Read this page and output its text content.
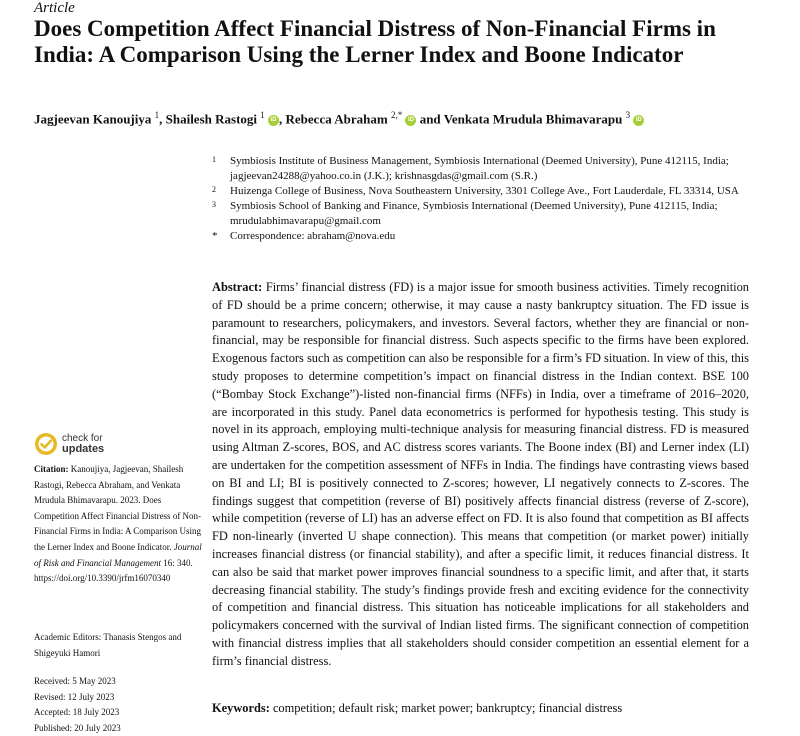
Article
Does Competition Affect Financial Distress of Non-Financial Firms in India: A Comparison Using the Lerner Index and Boone Indicator
Jagjeevan Kanoujiya $^1$, Shailesh Rastogi $^1$ iD , Rebecca Abraham $^{2,*}$ iD and Venkata Mrudula Bhimavarapu $^3$ iD
1 Symbiosis Institute of Business Management, Symbiosis International (Deemed University), Pune 412115, India; jagjeevan24288@yahoo.co.in (J.K.); krishnasgdas@gmail.com (S.R.)
2 Huizenga College of Business, Nova Southeastern University, 3301 College Ave., Fort Lauderdale, FL 33314, USA
3 Symbiosis School of Banking and Finance, Symbiosis International (Deemed University), Pune 412115, India; mrudulabhimavarapu@gmail.com
* Correspondence: abraham@nova.edu

Abstract: Firms’ financial distress (FD) is a major issue for smooth business activities. Timely recognition of FD should be a prime concern; otherwise, it may cause a nasty bankruptcy situation. The FD issue is paramount to researchers, policymakers, and investors. Several factors, whether they are financial or non-financial, may be responsible for financial distress. Such aspects specific to the firms have been explored. Exogenous factors such as competition can also be responsible for a firm’s FD situation. In view of this, this study proposes to determine competition’s impact on financial distress in the Indian context. BSE 100 (“Bombay Stock Exchange”)-listed non-financial firms (NFFs) in India, over a timeframe of 2016–2020, are incorporated in this study. Panel data econometrics is performed for hypothesis testing. This study is novel in its approach, employing multi-technique analysis for measuring financial distress. FD is measured using Altman Z-scores, BOS, and AC distress scores variants. The Boone index (BI) and Lerner index (LI) are undertaken for the competition assessment of NFFs in India. The findings have contrasting views based on BI and LI; BI is positively connected to Z-scores; however, LI negatively connects to Z-scores. The findings suggest that competition (reverse of BI) positively affects financial distress (reverse of Z-score), while competition (reverse of LI) has an adverse effect on FD. It is also found that competition as BI affects FD non-linearly (inverted U shape connection). This means that competition (or market power) initially increases financial distress (or financial stability), and after a specific limit, it reduces financial distress. It can also be said that market power improves financial soundness to a specific limit, and after that, it starts decreasing financial stability. The study’s findings provide fresh and exciting evidence for the connectivity of competition and financial distress. This situation has noticeable implications for all stakeholders and policymakers concerned with the survival of Indian listed firms. The significant connection of competition with financial distress implies that all stakeholders should consider competition an essential element for a firm’s financial distress.

Keywords: competition; default risk; market power; bankruptcy; financial distress

check for
updates
Citation: Kanoujiya, Jagjeevan, Shailesh Rastogi, Rebecca Abraham, and Venkata Mrudula Bhimavarapu. 2023. Does Competition Affect Financial Distress of Non-Financial Firms in India: A Comparison Using the Lerner Index and Boone Indicator. Journal of Risk and Financial Management 16: 340. https://doi.org/10.3390/jrfm16070340
Academic Editors: Thanasis Stengos and Shigeyuki Hamori

Received: 5 May 2023

Revised: 12 July 2023

Accepted: 18 July 2023

Published: 20 July 2023
